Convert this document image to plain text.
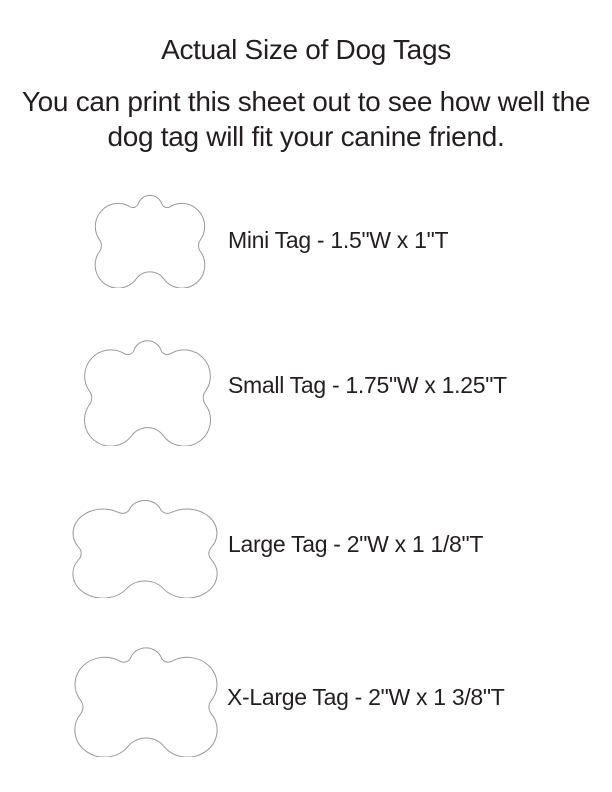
Actual Size of Dog Tags
You can print this sheet out to see how well the dog tag will fit your canine friend.
Mini Tag - 1.5"W x 1"T
Small Tag - 1.75"W x 1.25"T
Large Tag - 2"W x 1 1/8"T
X-Large Tag - 2"W x 1 3/8"T
